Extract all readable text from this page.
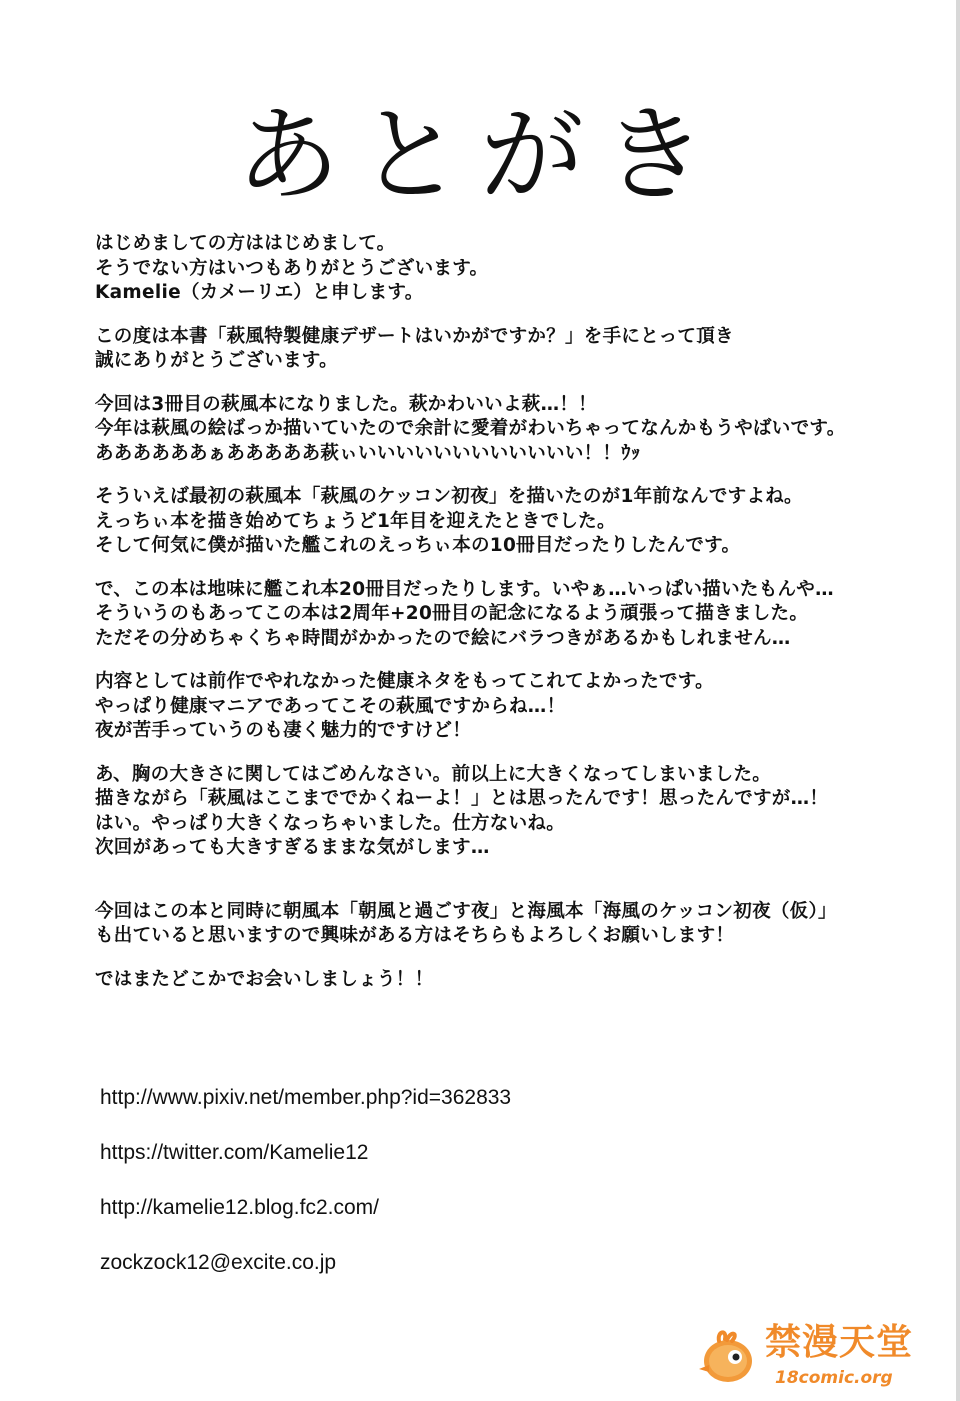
あとがき
はじめましての方ははじめまして。
そうでない方はいつもありがとうございます。
Kamelie（カメーリエ）と申します。
この度は本書「萩風特製健康デザートはいかがですか？」を手にとって頂き
誠にありがとうございます。
今回は3冊目の萩風本になりました。萩かわいいよ萩…！！
今年は萩風の絵ばっか描いていたので余計に愛着がわいちゃってなんかもうやばいです。
ああああああぁあああああ萩ぃいいいいいいいいいいいい！！ｳｯ
そういえば最初の萩風本「萩風のケッコン初夜」を描いたのが1年前なんですよね。
えっちぃ本を描き始めてちょうど1年目を迎えたときでした。
そして何気に僕が描いた艦これのえっちぃ本の10冊目だったりしたんです。
で、この本は地味に艦これ本20冊目だったりします。いやぁ…いっぱい描いたもんや…
そういうのもあってこの本は2周年+20冊目の記念になるよう頑張って描きました。
ただその分めちゃくちゃ時間がかかったので絵にバラつきがあるかもしれません…
内容としては前作でやれなかった健康ネタをもってこれてよかったです。
やっぱり健康マニアであってこその萩風ですからね…！
夜が苦手っていうのも凄く魅力的ですけど！
あ、胸の大きさに関してはごめんなさい。前以上に大きくなってしまいました。
描きながら「萩風はここまででかくねーよ！」とは思ったんです！思ったんですが…！
はい。やっぱり大きくなっちゃいました。仕方ないね。
次回があっても大きすぎるままな気がします…
今回はこの本と同時に朝風本「朝風と過ごす夜」と海風本「海風のケッコン初夜（仮）」
も出ていると思いますので興味がある方はそちらもよろしくお願いします！
ではまたどこかでお会いしましょう！！
http://www.pixiv.net/member.php?id=362833
https://twitter.com/Kamelie12
http://kamelie12.blog.fc2.com/
zockzock12@excite.co.jp
禁漫天堂
18comic.org
